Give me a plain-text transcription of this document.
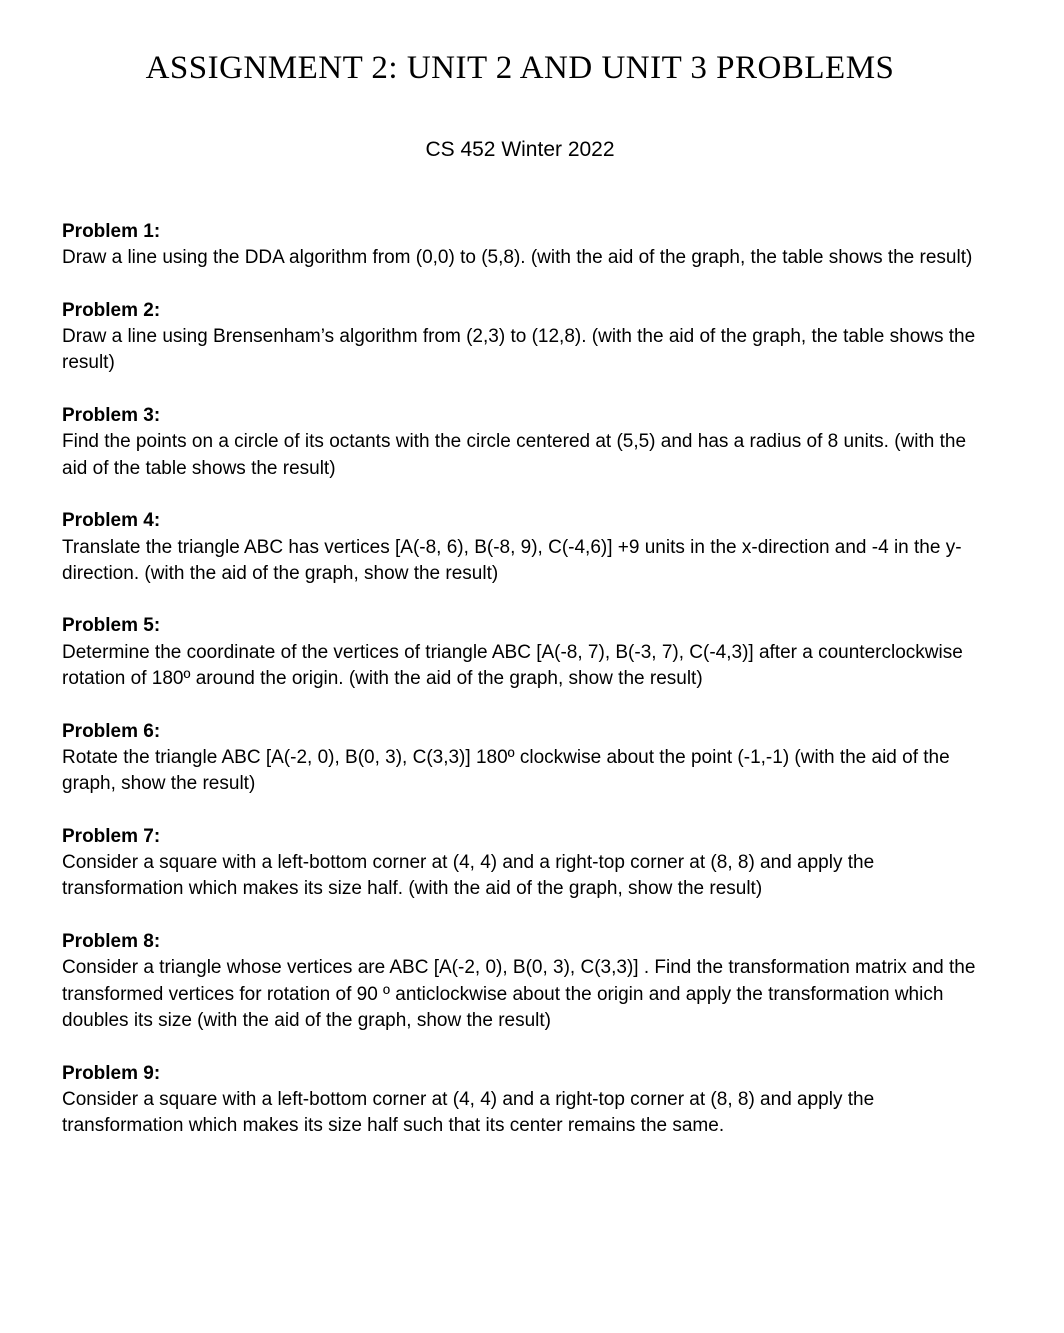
ASSIGNMENT 2: UNIT 2 AND UNIT 3 PROBLEMS

CS 452 Winter 2022

Problem 1:

Draw a line using the DDA algorithm from (0,0) to (5,8). (with the aid of the graph, the table shows the result)

Problem 2:

Draw a line using Brensenham’s algorithm from (2,3) to (12,8). (with the aid of the graph, the table shows the result)

Problem 3:

Find the points on a circle of its octants with the circle centered at (5,5) and has a radius of 8 units. (with the aid of the table shows the result)

Problem 4:

Translate the triangle ABC has vertices [A(-8, 6), B(-8, 9), C(-4,6)] +9 units in the x-direction and -4 in the y-direction. (with the aid of the graph, show the result)

Problem 5:

Determine the coordinate of the vertices of triangle ABC [A(-8, 7), B(-3, 7), C(-4,3)] after a counterclockwise rotation of 180º around the origin. (with the aid of the graph, show the result)

Problem 6:

Rotate the triangle ABC [A(-2, 0), B(0, 3), C(3,3)] 180º clockwise about the point (-1,-1) (with the aid of the graph, show the result)

Problem 7:

Consider a square with a left-bottom corner at (4, 4) and a right-top corner at (8, 8) and apply the transformation which makes its size half. (with the aid of the graph, show the result)

Problem 8:

Consider a triangle whose vertices are ABC [A(-2, 0), B(0, 3), C(3,3)] . Find the transformation matrix and the transformed vertices for rotation of 90 º anticlockwise about the origin and apply the transformation which doubles its size (with the aid of the graph, show the result)

Problem 9:

Consider a square with a left-bottom corner at (4, 4) and a right-top corner at (8, 8) and apply the transformation which makes its size half such that its center remains the same.
